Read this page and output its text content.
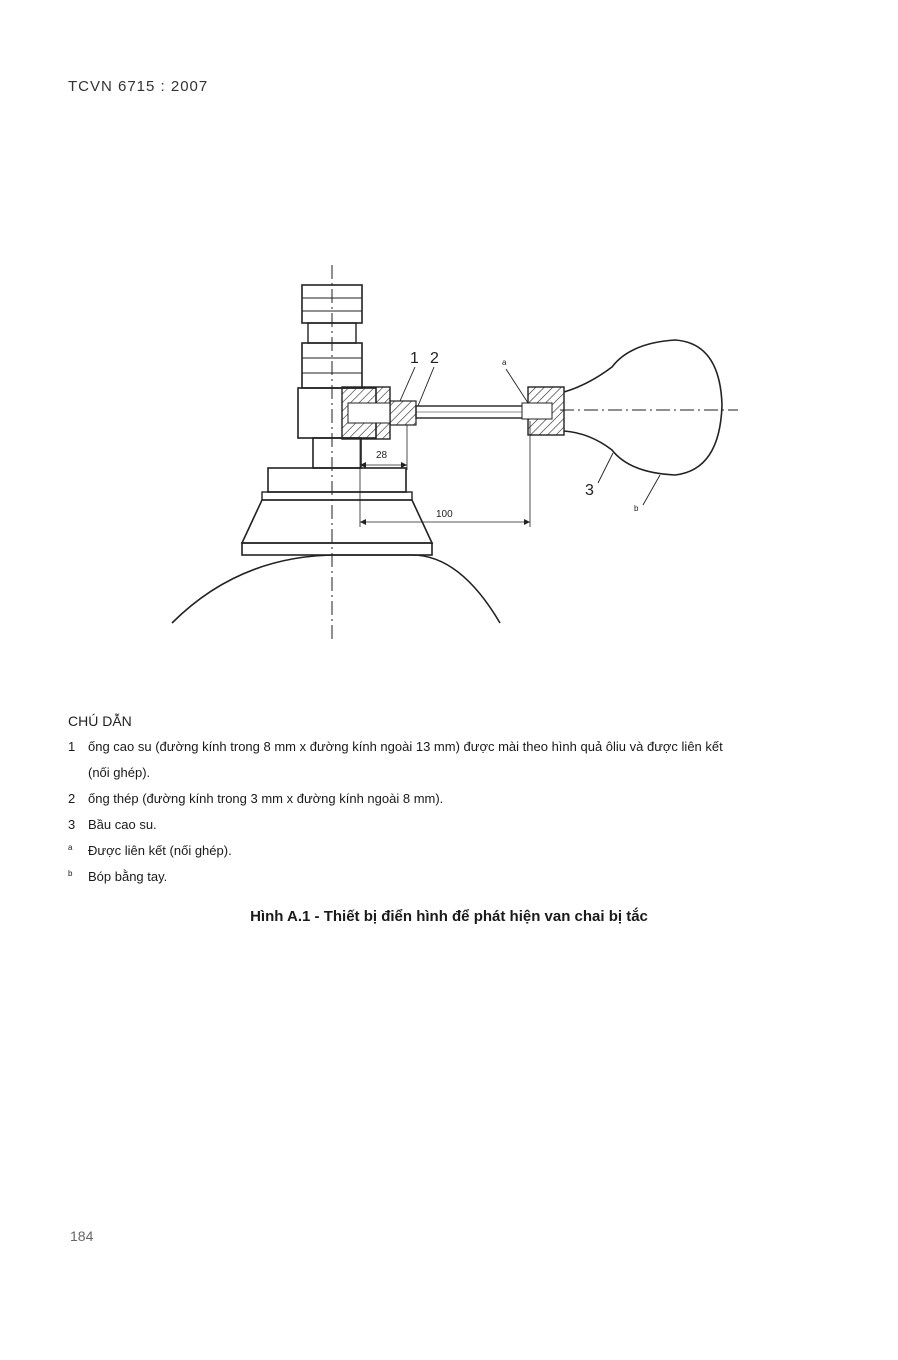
TCVN 6715 : 2007
28
100
1 2	a
3
b
CHÚ DẪN
1 ống cao su (đường kính trong 8 mm x đường kính ngoài 13 mm) được mài theo hình quả ôliu và được liên kết
(nối ghép).
2 ống thép (đường kính trong 3 mm x đường kính ngoài 8 mm).
3 Bầu cao su.
a	Được liên kết (nối ghép).
b	Bóp bằng tay.
Hình A.1 - Thiết bị điển hình để phát hiện van chai bị tắc
184
